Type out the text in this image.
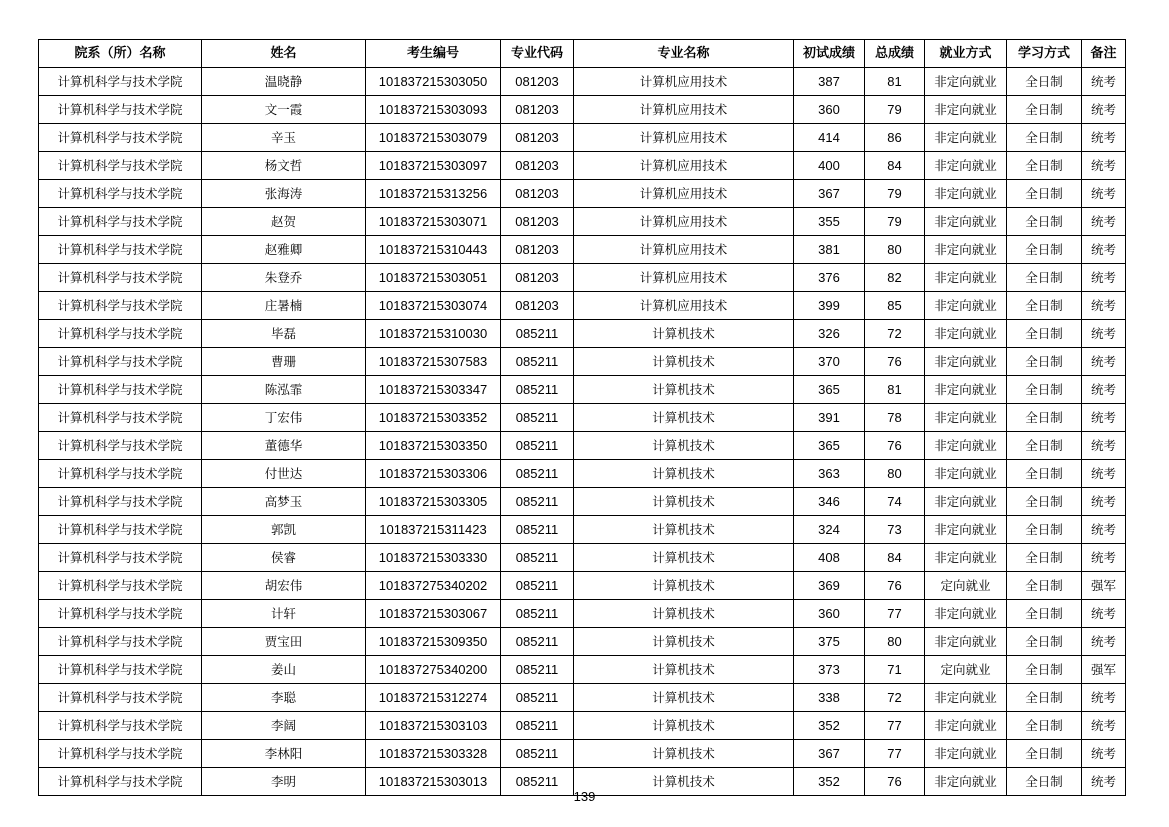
院系（所）名称	姓名	考生编号	专业代码	专业名称	初试成绩	总成绩	就业方式	学习方式	备注
计算机科学与技术学院	温晓静	101837215303050	081203	计算机应用技术	387	81	非定向就业	全日制	统考
计算机科学与技术学院	文一霞	101837215303093	081203	计算机应用技术	360	79	非定向就业	全日制	统考
计算机科学与技术学院	辛玉	101837215303079	081203	计算机应用技术	414	86	非定向就业	全日制	统考
计算机科学与技术学院	杨文哲	101837215303097	081203	计算机应用技术	400	84	非定向就业	全日制	统考
计算机科学与技术学院	张海涛	101837215313256	081203	计算机应用技术	367	79	非定向就业	全日制	统考
计算机科学与技术学院	赵贺	101837215303071	081203	计算机应用技术	355	79	非定向就业	全日制	统考
计算机科学与技术学院	赵雅卿	101837215310443	081203	计算机应用技术	381	80	非定向就业	全日制	统考
计算机科学与技术学院	朱登乔	101837215303051	081203	计算机应用技术	376	82	非定向就业	全日制	统考
计算机科学与技术学院	庄暑楠	101837215303074	081203	计算机应用技术	399	85	非定向就业	全日制	统考
计算机科学与技术学院	毕磊	101837215310030	085211	计算机技术	326	72	非定向就业	全日制	统考
计算机科学与技术学院	曹珊	101837215307583	085211	计算机技术	370	76	非定向就业	全日制	统考
计算机科学与技术学院	陈泓霏	101837215303347	085211	计算机技术	365	81	非定向就业	全日制	统考
计算机科学与技术学院	丁宏伟	101837215303352	085211	计算机技术	391	78	非定向就业	全日制	统考
计算机科学与技术学院	董德华	101837215303350	085211	计算机技术	365	76	非定向就业	全日制	统考
计算机科学与技术学院	付世达	101837215303306	085211	计算机技术	363	80	非定向就业	全日制	统考
计算机科学与技术学院	高梦玉	101837215303305	085211	计算机技术	346	74	非定向就业	全日制	统考
计算机科学与技术学院	郭凯	101837215311423	085211	计算机技术	324	73	非定向就业	全日制	统考
计算机科学与技术学院	侯睿	101837215303330	085211	计算机技术	408	84	非定向就业	全日制	统考
计算机科学与技术学院	胡宏伟	101837275340202	085211	计算机技术	369	76	定向就业	全日制	强军
计算机科学与技术学院	计轩	101837215303067	085211	计算机技术	360	77	非定向就业	全日制	统考
计算机科学与技术学院	贾宝田	101837215309350	085211	计算机技术	375	80	非定向就业	全日制	统考
计算机科学与技术学院	姜山	101837275340200	085211	计算机技术	373	71	定向就业	全日制	强军
计算机科学与技术学院	李聪	101837215312274	085211	计算机技术	338	72	非定向就业	全日制	统考
计算机科学与技术学院	李阔	101837215303103	085211	计算机技术	352	77	非定向就业	全日制	统考
计算机科学与技术学院	李林阳	101837215303328	085211	计算机技术	367	77	非定向就业	全日制	统考
计算机科学与技术学院	李明	101837215303013	085211	计算机技术	352	76	非定向就业	全日制	统考
139
